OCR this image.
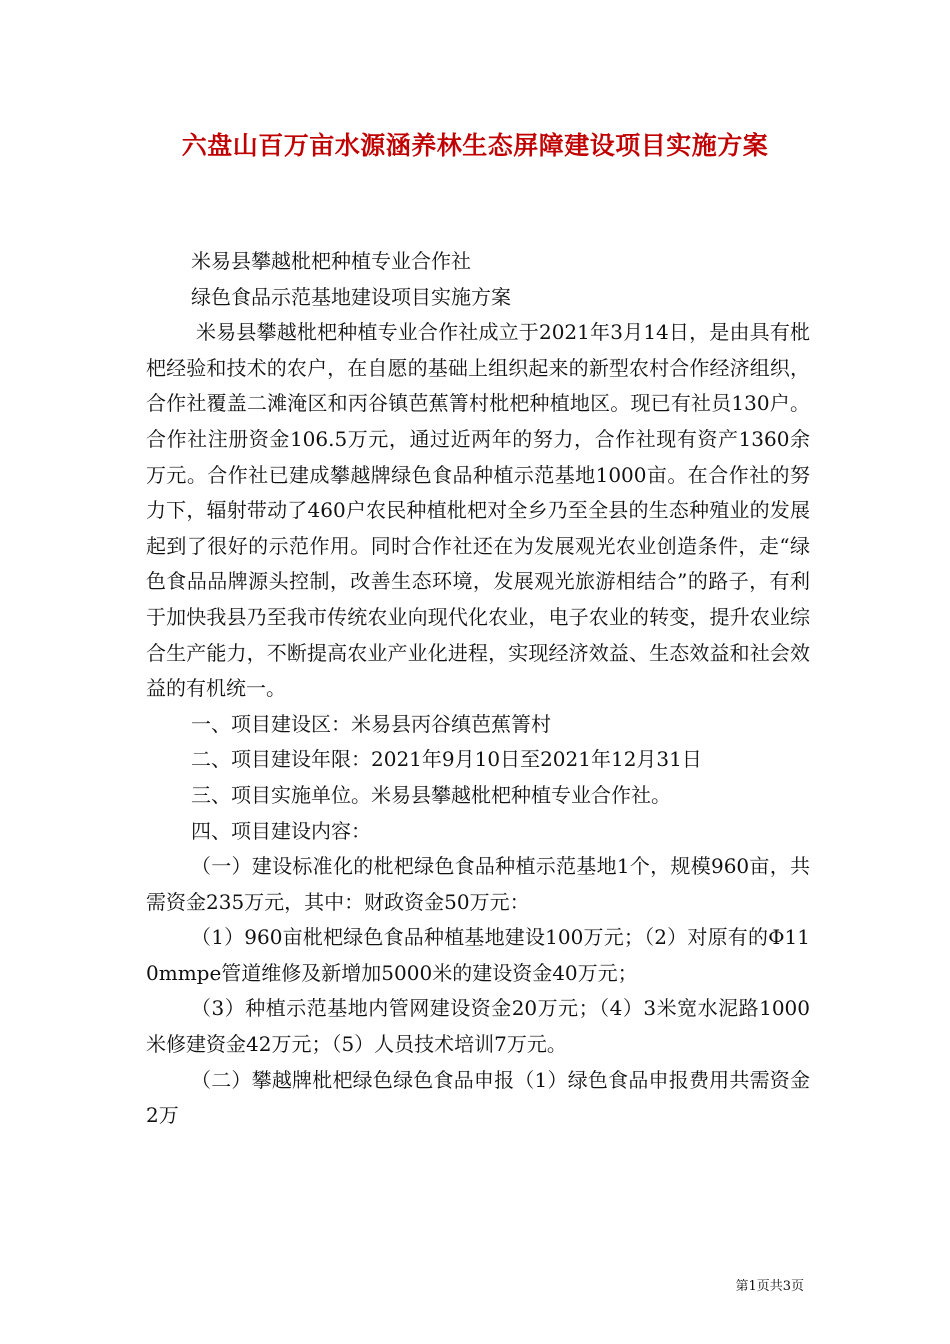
六盘山百万亩水源涵养林生态屏障建设项目实施方案

米易县攀越枇杷种植专业合作社

绿色食品示范基地建设项目实施方案

米易县攀越枇杷种植专业合作社成立于2021年3月14日，是由具有枇杷经验和技术的农户，在自愿的基础上组织起来的新型农村合作经济组织，合作社覆盖二滩淹区和丙谷镇芭蕉箐村枇杷种植地区。现已有社员130户。合作社注册资金106.5万元，通过近两年的努力，合作社现有资产1360余万元。合作社已建成攀越牌绿色食品种植示范基地1000亩。在合作社的努力下，辐射带动了460户农民种植枇杷对全乡乃至全县的生态种殖业的发展起到了很好的示范作用。同时合作社还在为发展观光农业创造条件，走“绿色食品品牌源头控制，改善生态环境，发展观光旅游相结合”的路子，有利于加快我县乃至我市传统农业向现代化农业，电子农业的转变，提升农业综合生产能力，不断提高农业产业化进程，实现经济效益、生态效益和社会效益的有机统一。

一、项目建设区：米易县丙谷缜芭蕉箐村

二、项目建设年限：2021年9月10日至2021年12月31日

三、项目实施单位。米易县攀越枇杷种植专业合作社。

四、项目建设内容：

（一）建设标准化的枇杷绿色食品种植示范基地1个，规模960亩，共需资金235万元，其中：财政资金50万元：

（1）960亩枇杷绿色食品种植基地建设100万元；（2）对原有的Φ110mmpe管道维修及新增加5000米的建设资金40万元；

（3）种植示范基地内管网建设资金20万元；（4）3米宽水泥路1000米修建资金42万元；（5）人员技术培训7万元。

（二）攀越牌枇杷绿色绿色食品申报（1）绿色食品申报费用共需资金2万

第1页共3页
